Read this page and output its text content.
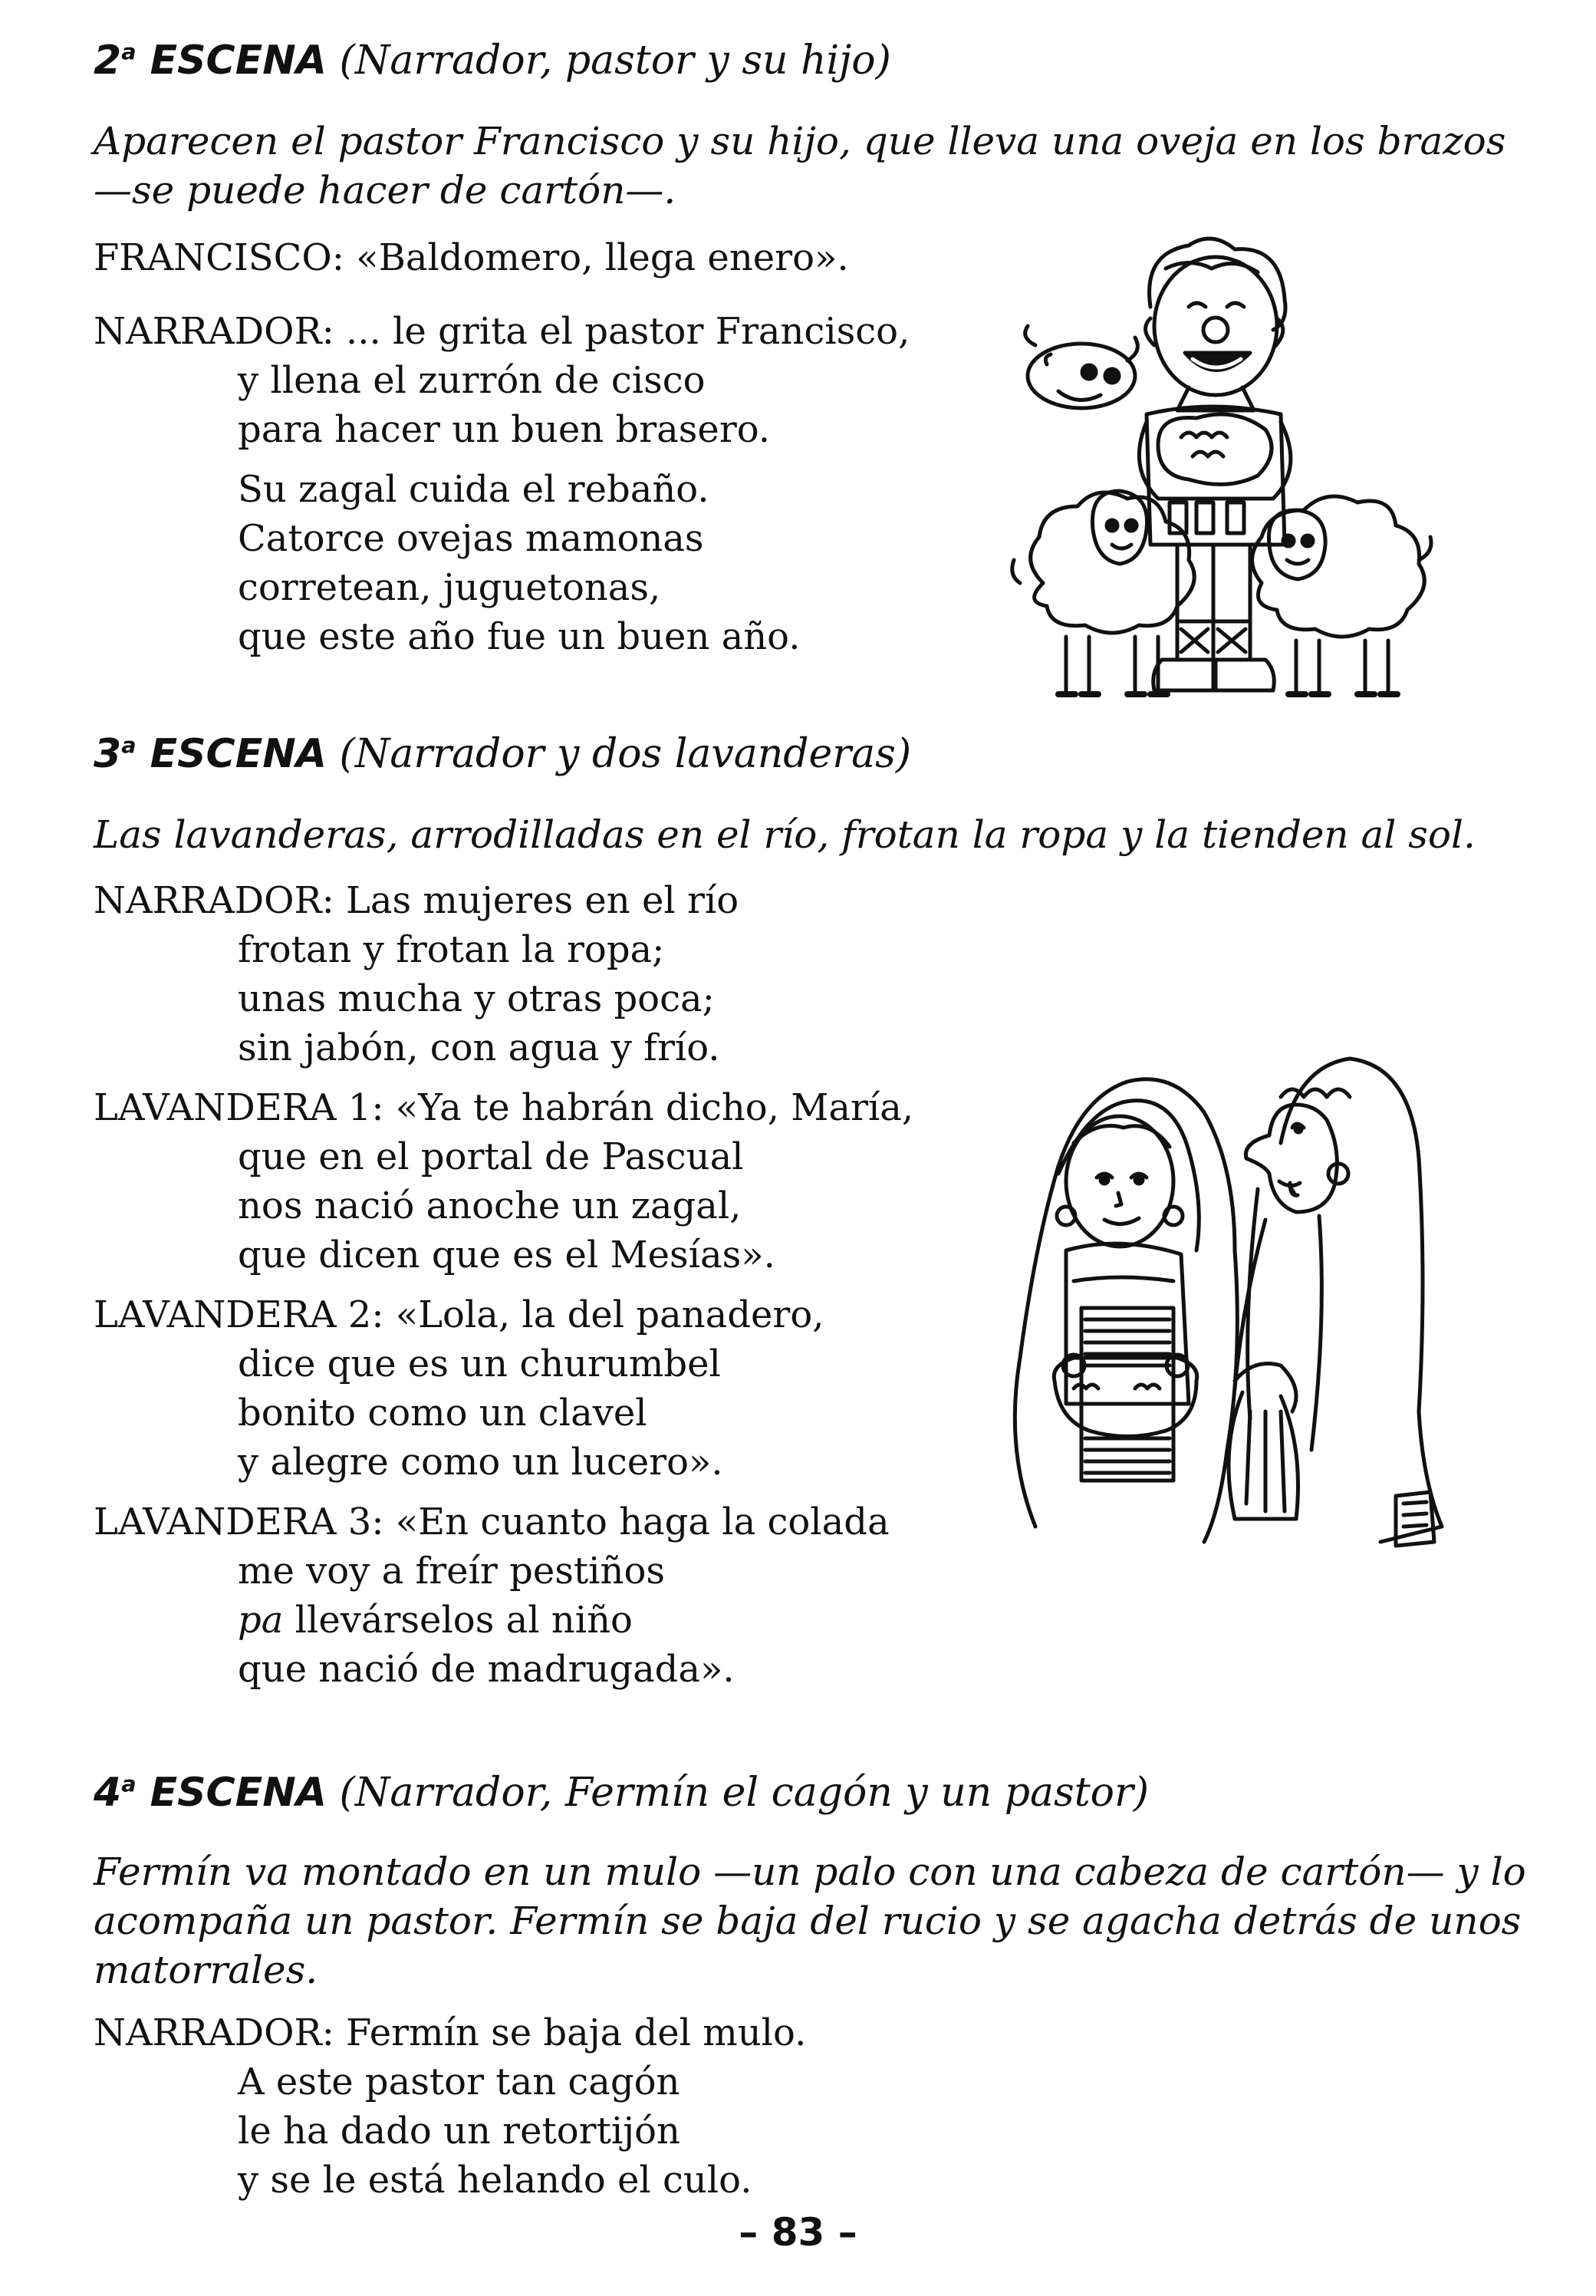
2$^a$ ESCENA (Narrador, pastor y su hijo)

Aparecen el pastor Francisco y su hijo, que lleva una oveja en los brazos —se puede hacer de cartón—.

FRANCISCO: «Baldomero, llega enero».
NARRADOR: ... le grita el pastor Francisco,
y llena el zurrón de cisco
para hacer un buen brasero.
Su zagal cuida el rebaño.
Catorce ovejas mamonas
corretean, juguetonas,
que este año fue un buen año.
3$^a$ ESCENA (Narrador y dos lavanderas)

Las lavanderas, arrodilladas en el río, frotan la ropa y la tienden al sol.

NARRADOR: Las mujeres en el río
frotan y frotan la ropa;
unas mucha y otras poca;
sin jabón, con agua y frío.
LAVANDERA 1: «Ya te habrán dicho, María,
que en el portal de Pascual
nos nació anoche un zagal,
que dicen que es el Mesías».
LAVANDERA 2: «Lola, la del panadero,
dice que es un churumbel
bonito como un clavel
y alegre como un lucero».
LAVANDERA 3: «En cuanto haga la colada
me voy a freír pestiños
pa llevárselos al niño
que nació de madrugada».
4$^a$ ESCENA (Narrador, Fermín el cagón y un pastor)

Fermín va montado en un mulo —un palo con una cabeza de cartón— y lo acompaña un pastor. Fermín se baja del rucio y se agacha detrás de unos matorrales.

NARRADOR: Fermín se baja del mulo.
A este pastor tan cagón
le ha dado un retortijón
y se le está helando el culo.

– 83 –
